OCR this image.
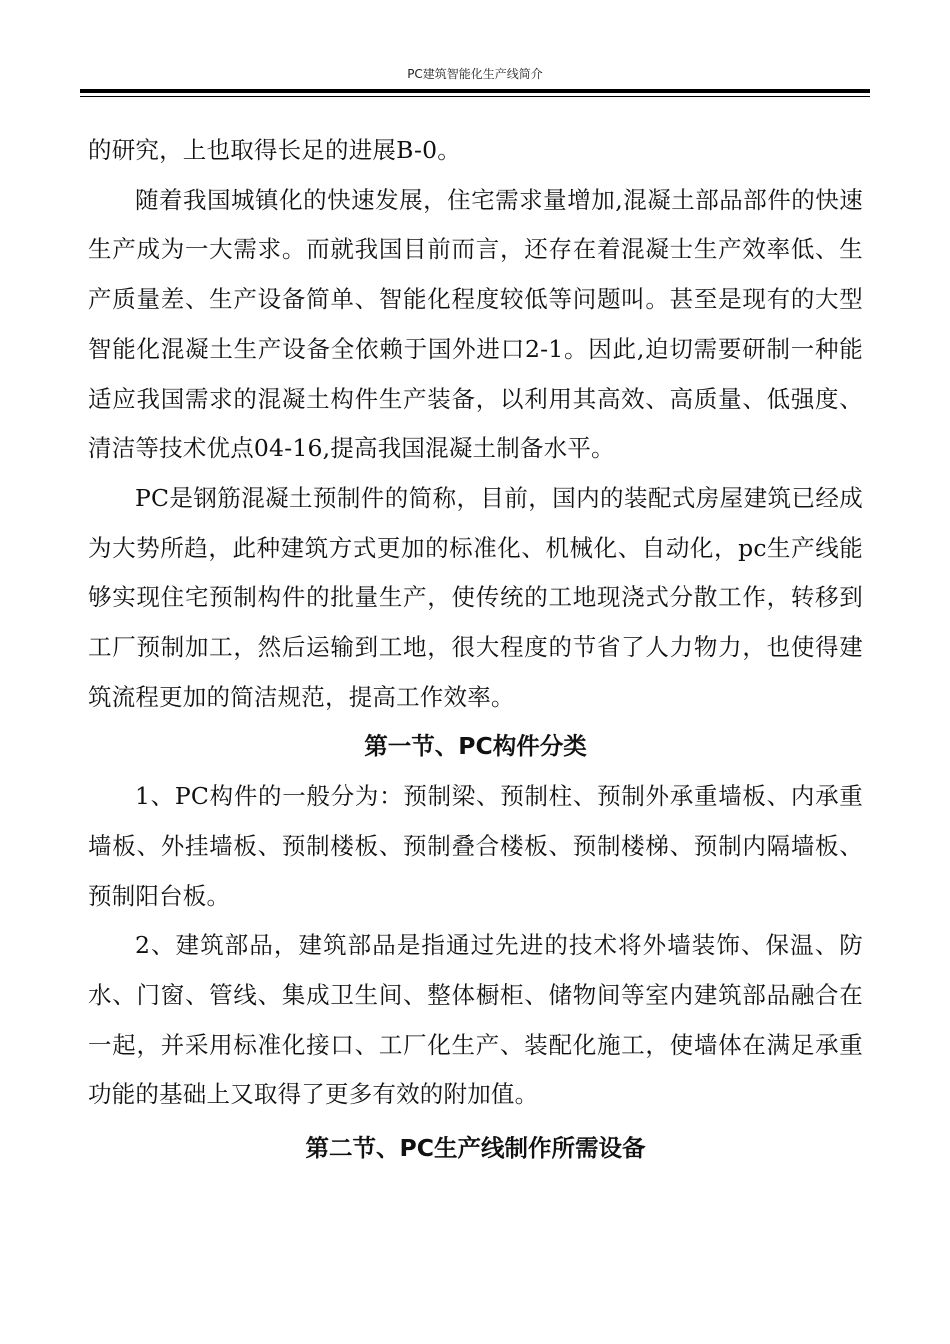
PC建筑智能化生产线简介

的研究，上也取得长足的进展B-0。

随着我国城镇化的快速发展，住宅需求量增加,混凝土部品部件的快速生产成为一大需求。而就我国目前而言，还存在着混凝士生产效率低、生产质量差、生产设备简单、智能化程度较低等问题叫。甚至是现有的大型智能化混凝土生产设备全依赖于国外进口2-1。因此,迫切需要研制一种能适应我国需求的混凝土构件生产装备，以利用其高效、高质量、低强度、清洁等技术优点04-16,提高我国混凝土制备水平。

PC是钢筋混凝土预制件的简称，目前，国内的装配式房屋建筑已经成为大势所趋，此种建筑方式更加的标准化、机械化、自动化，pc生产线能够实现住宅预制构件的批量生产，使传统的工地现浇式分散工作，转移到工厂预制加工，然后运输到工地，很大程度的节省了人力物力，也使得建筑流程更加的简洁规范，提高工作效率。

第一节、PC构件分类

1、PC构件的一般分为：预制梁、预制柱、预制外承重墙板、内承重墙板、外挂墙板、预制楼板、预制叠合楼板、预制楼梯、预制内隔墙板、预制阳台板。

2、建筑部品，建筑部品是指通过先进的技术将外墙装饰、保温、防水、门窗、管线、集成卫生间、整体橱柜、储物间等室内建筑部品融合在一起，并采用标准化接口、工厂化生产、装配化施工，使墙体在满足承重功能的基础上又取得了更多有效的附加值。

第二节、PC生产线制作所需设备
